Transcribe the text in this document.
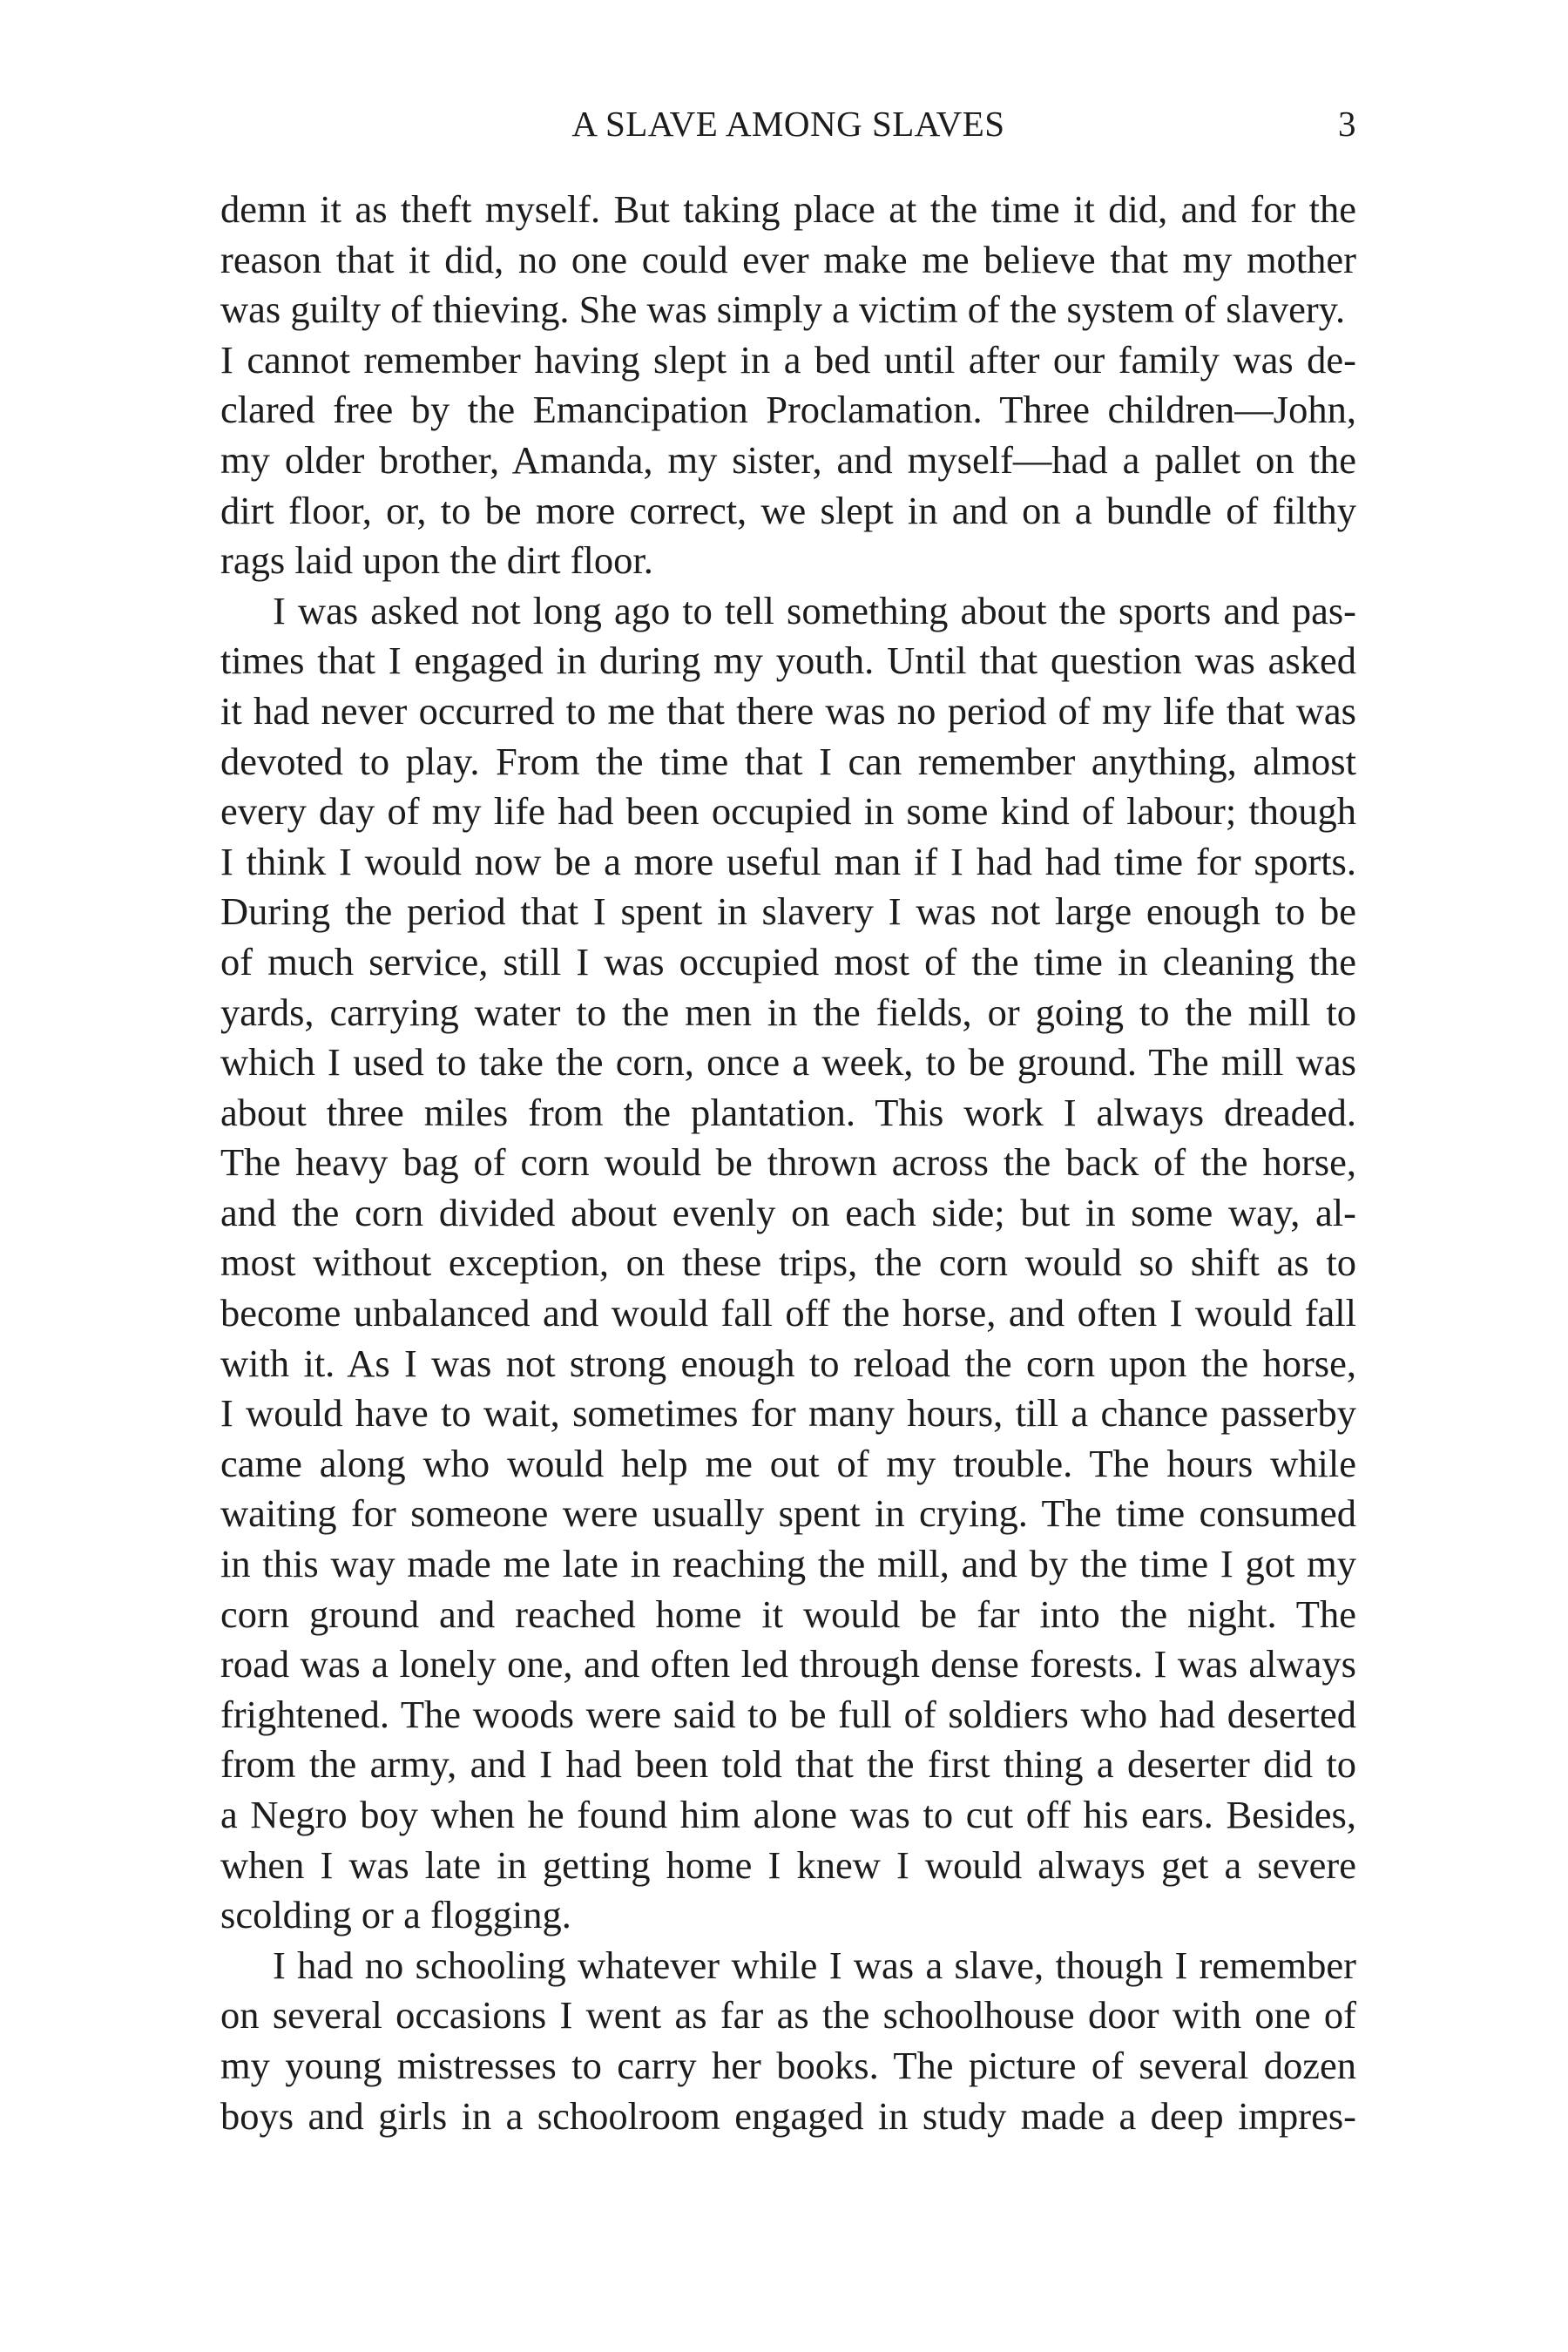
A SLAVE AMONG SLAVES	3
demn it as theft myself. But taking place at the time it did, and for the
reason that it did, no one could ever make me believe that my mother
was guilty of thieving. She was simply a victim of the system of slavery.
I cannot remember having slept in a bed until after our family was de-
clared free by the Emancipation Proclamation. Three children—John,
my older brother, Amanda, my sister, and myself—had a pallet on the
dirt floor, or, to be more correct, we slept in and on a bundle of filthy
rags laid upon the dirt floor.
I was asked not long ago to tell something about the sports and pas-
times that I engaged in during my youth. Until that question was asked
it had never occurred to me that there was no period of my life that was
devoted to play. From the time that I can remember anything, almost
every day of my life had been occupied in some kind of labour; though
I think I would now be a more useful man if I had had time for sports.
During the period that I spent in slavery I was not large enough to be
of much service, still I was occupied most of the time in cleaning the
yards, carrying water to the men in the fields, or going to the mill to
which I used to take the corn, once a week, to be ground. The mill was
about three miles from the plantation. This work I always dreaded.
The heavy bag of corn would be thrown across the back of the horse,
and the corn divided about evenly on each side; but in some way, al-
most without exception, on these trips, the corn would so shift as to
become unbalanced and would fall off the horse, and often I would fall
with it. As I was not strong enough to reload the corn upon the horse,
I would have to wait, sometimes for many hours, till a chance passerby
came along who would help me out of my trouble. The hours while
waiting for someone were usually spent in crying. The time consumed
in this way made me late in reaching the mill, and by the time I got my
corn ground and reached home it would be far into the night. The
road was a lonely one, and often led through dense forests. I was always
frightened. The woods were said to be full of soldiers who had deserted
from the army, and I had been told that the first thing a deserter did to
a Negro boy when he found him alone was to cut off his ears. Besides,
when I was late in getting home I knew I would always get a severe
scolding or a flogging.
I had no schooling whatever while I was a slave, though I remember
on several occasions I went as far as the schoolhouse door with one of
my young mistresses to carry her books. The picture of several dozen
boys and girls in a schoolroom engaged in study made a deep impres-
